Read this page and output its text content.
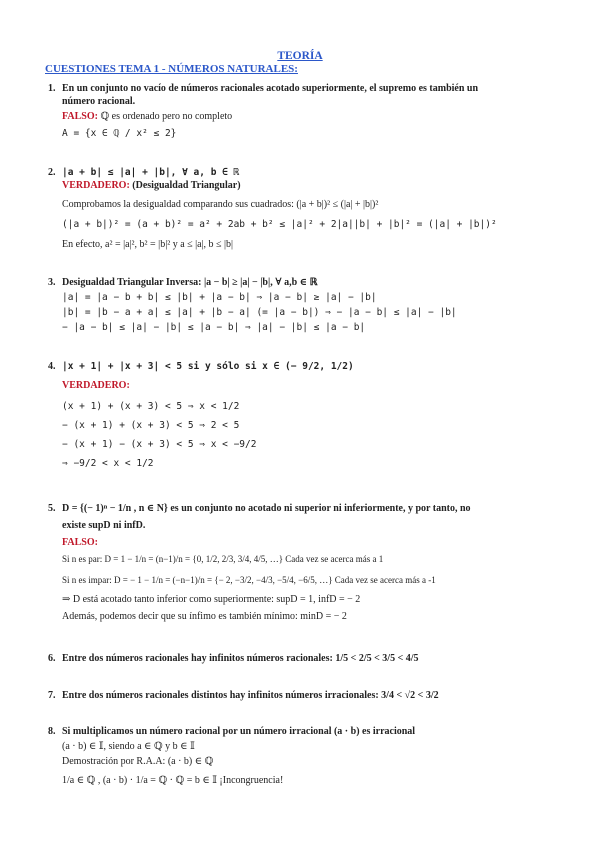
TEORÍA
CUESTIONES TEMA 1 - NÚMEROS NATURALES:
1. En un conjunto no vacío de números racionales acotado superiormente, el supremo es también un
número racional.
FALSO: ℚ es ordenado pero no completo
A = {x ∈ ℚ / x² ≤ 2}
2. |a + b| ≤ |a| + |b|, ∀ a, b ∈ ℝ
VERDADERO: (Desigualdad Triangular)
Comprobamos la desigualdad comparando sus cuadrados: (|a + b|)² ≤ (|a| + |b|)²
(|a + b|)² = (a + b)² = a² + 2ab + b² ≤ |a|² + 2|a||b| + |b|² = (|a| + |b|)²
En efecto, a² = |a|², b² = |b|² y a ≤ |a|, b ≤ |b|
3. Desigualdad Triangular Inversa: |a − b| ≥ |a| − |b|, ∀ a,b ∈ ℝ
|a| = |a − b + b| ≤ |b| + |a − b| ⇒ |a − b| ≥ |a| − |b|
|b| = |b − a + a| ≤ |a| + |b − a| (= |a − b|) ⇒ − |a − b| ≤ |a| − |b|
− |a − b| ≤ |a| − |b| ≤ |a − b| ⇒ |a| − |b| ≤ |a − b|
4. |x + 1| + |x + 3| < 5 si y sólo si x ∈ (− 9/2, 1/2)
VERDADERO:
(x + 1) + (x + 3) < 5 ⇒ x < 1/2
− (x + 1) + (x + 3) < 5 ⇒ 2 < 5
− (x + 1) − (x + 3) < 5 ⇒ x < −9/2
⇒ −9/2 < x < 1/2
5. D = {(− 1)ⁿ − 1/n , n ∈ N} es un conjunto no acotado ni superior ni inferiormente, y por tanto, no
existe supD ni infD.
FALSO:
Si n es par: D = 1 − 1/n = (n−1)/n = {0, 1/2, 2/3, 3/4, 4/5, …} Cada vez se acerca más a 1
Si n es impar: D = − 1 − 1/n = (−n−1)/n = {− 2, −3/2, −4/3, −5/4, −6/5, …} Cada vez se acerca más a -1
⇒ D está acotado tanto inferior como superiormente: supD = 1, infD = − 2
Además, podemos decir que su ínfimo es también mínimo: minD = − 2
6. Entre dos números racionales hay infinitos números racionales: 1/5 < 2/5 < 3/5 < 4/5
7. Entre dos números racionales distintos hay infinitos números irracionales: 3/4 < √2 < 3/2
8. Si multiplicamos un número racional por un número irracional (a · b) es irracional
(a · b) ∈ 𝕀, siendo a ∈ ℚ y b ∈ 𝕀
Demostración por R.A.A: (a · b) ∈ ℚ
1/a ∈ ℚ , (a · b) · 1/a = ℚ · ℚ = b ∈ 𝕀 ¡Incongruencia!
